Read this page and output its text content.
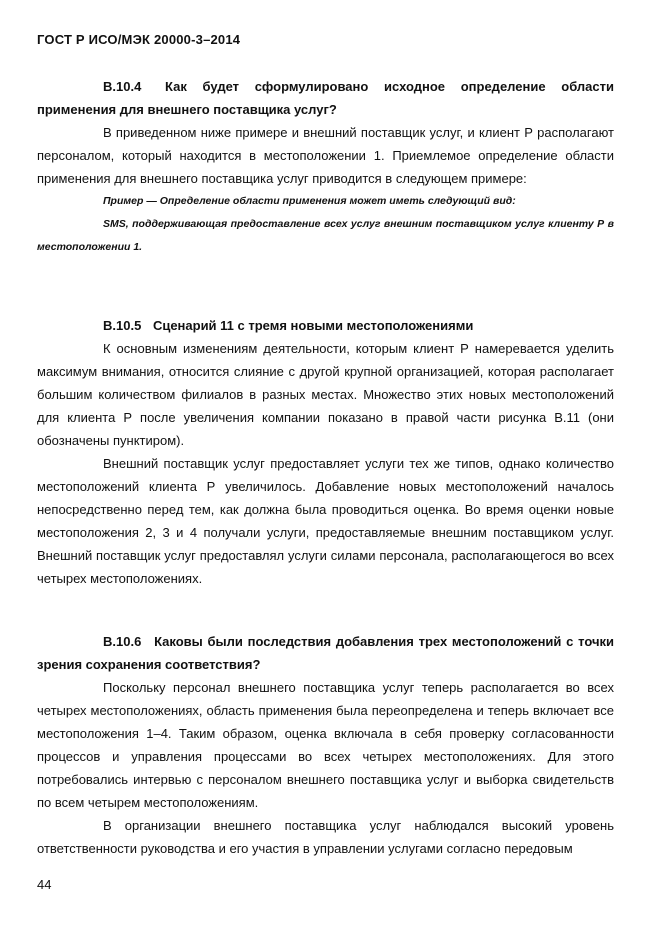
ГОСТ Р ИСО/МЭК 20000-3–2014
В.10.4 Как будет сформулировано исходное определение области применения для внешнего поставщика услуг?
В приведенном ниже примере и внешний поставщик услуг, и клиент Р располагают персоналом, который находится в местоположении 1. Приемлемое определение области применения для внешнего поставщика услуг приводится в следующем примере:
Пример — Определение области применения может иметь следующий вид:
SMS, поддерживающая предоставление всех услуг внешним поставщиком услуг клиенту Р в местоположении 1.
В.10.5 Сценарий 11 с тремя новыми местоположениями
К основным изменениям деятельности, которым клиент Р намеревается уделить максимум внимания, относится слияние с другой крупной организацией, которая располагает большим количеством филиалов в разных местах. Множество этих новых местоположений для клиента Р после увеличения компании показано в правой части рисунка В.11 (они обозначены пунктиром).
Внешний поставщик услуг предоставляет услуги тех же типов, однако количество местоположений клиента Р увеличилось. Добавление новых местоположений началось непосредственно перед тем, как должна была проводиться оценка. Во время оценки новые местоположения 2, 3 и 4 получали услуги, предоставляемые внешним поставщиком услуг. Внешний поставщик услуг предоставлял услуги силами персонала, располагающегося во всех четырех местоположениях.
В.10.6 Каковы были последствия добавления трех местоположений с точки зрения сохранения соответствия?
Поскольку персонал внешнего поставщика услуг теперь располагается во всех четырех местоположениях, область применения была переопределена и теперь включает все местоположения 1–4. Таким образом, оценка включала в себя проверку согласованности процессов и управления процессами во всех четырех местоположениях. Для этого потребовались интервью с персоналом внешнего поставщика услуг и выборка свидетельств по всем четырем местоположениям.
В организации внешнего поставщика услуг наблюдался высокий уровень ответственности руководства и его участия в управлении услугами согласно передовым
44
